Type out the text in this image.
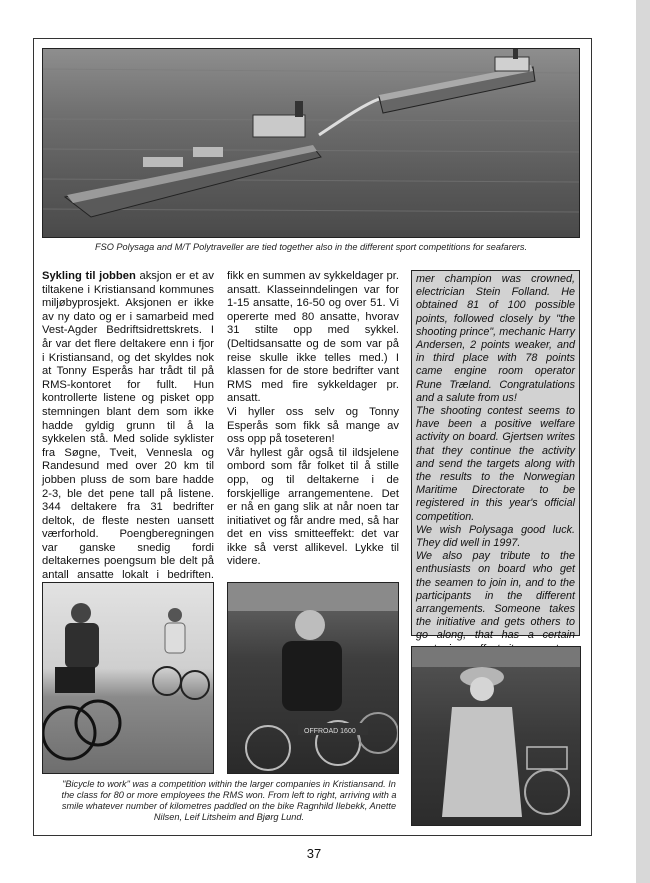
FSO Polysaga and M/T Polytraveller are tied together also in the different sport competitions for seafarers.

Sykling til jobben aksjon er et av tiltakene i Kristiansand kommunes miljøbyprosjekt. Aksjonen er ikke av ny dato og er i samarbeid med Vest-Agder Bedriftsidrettskrets. I år var det flere deltakere enn i fjor i Kristiansand, og det skyldes nok at Tonny Esperås har trådt til på RMS-kontoret for fullt. Hun kontrollerte listene og pisket opp stemningen blant dem som ikke hadde gyldig grunn til å la sykkelen stå. Med solide syklister fra Søgne, Tveit, Vennesla og Randesund med over 20 km til jobben pluss de som bare hadde 2-3, ble det pene tall på listene. 344 deltakere fra 31 bedrifter deltok, de fleste nesten uansett værforhold. Poengberegningen var ganske snedig fordi deltakernes poengsum ble delt på antall ansatte lokalt i bedriften.

fikk en summen av sykkeldager pr. ansatt. Klasseinndelingen var for 1-15 ansatte, 16-50 og over 51. Vi opererte med 80 ansatte, hvorav 31 stilte opp med sykkel. (Deltidsansatte og de som var på reise skulle ikke telles med.) I klassen for de store bedrifter vant RMS med fire sykkeldager pr. ansatt.

Vi hyller oss selv og Tonny Esperås som fikk så mange av oss opp på toseteren!

Vår hyllest går også til ildsjelene ombord som får folket til å stille opp, og til deltakerne i de forskjellige arrangementene. Det er nå en gang slik at når noen tar initiativet og får andre med, så har det en viss smitteeffekt: det var ikke så verst allikevel. Lykke til videre.

mer champion was crowned, electrician Stein Folland. He obtained 81 of 100 possible points, followed closely by "the shooting prince", mechanic Harry Andersen, 2 points weaker, and in third place with 78 points came engine room operator Rune Træland. Congratulations and a salute from us!

The shooting contest seems to have been a positive welfare activity on board. Gjertsen writes that they continue the activity and send the targets along with the results to the Norwegian Maritime Directorate to be registered in this year's official competition.

We wish Polysaga good luck. They did well in 1997.

We also pay tribute to the enthusiasts on board who get the seamen to join in, and to the participants in the different arrangements. Someone takes the initiative and gets others to go along, that has a certain

OFFROAD 1600
"Bicycle to work" was a competition within the larger companies in Kristiansand. In the class for 80 or more employees the RMS won. From left to right, arriving with a smile whatever number of kilometres paddled on the bike Ragnhild Ilebekk, Anette Nilsen, Leif Litsheim and Bjørg Lund.
37
